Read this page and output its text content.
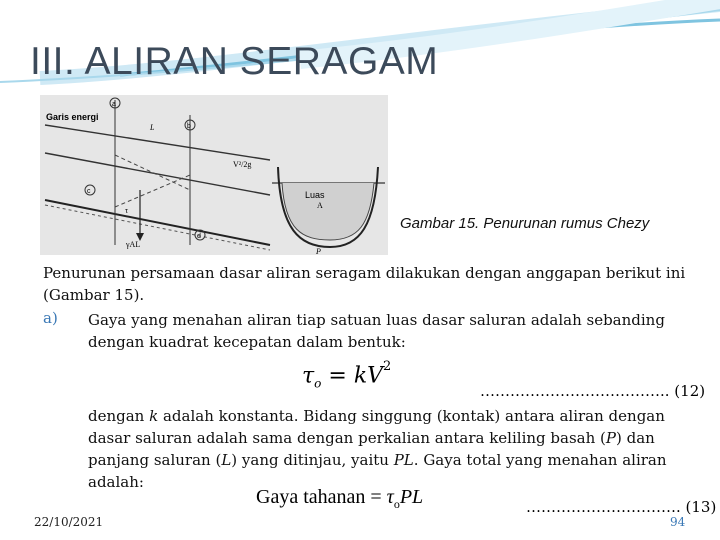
III. ALIRAN SERAGAM
a
b
c
d
Garis energi
L
V²/2g
τ
γAL
Luas
A
P
Gambar 15. Penurunan rumus Chezy
Penurunan persamaan dasar aliran seragam dilakukan dengan anggapan berikut ini (Gambar 15).
a) Gaya yang menahan aliran tiap satuan luas dasar saluran adalah sebanding dengan kuadrat kecepatan dalam bentuk:
$\tau_o = kV^2$
……………………………….. (12)
dengan k adalah konstanta. Bidang singgung (kontak) antara aliran dengan dasar saluran adalah sama dengan perkalian antara keliling basah (P) dan panjang saluran (L) yang ditinjau, yaitu PL. Gaya total yang menahan aliran adalah:
Gaya tahanan = $\tau_oPL$	…………………………. (13)
22/10/2021	94
